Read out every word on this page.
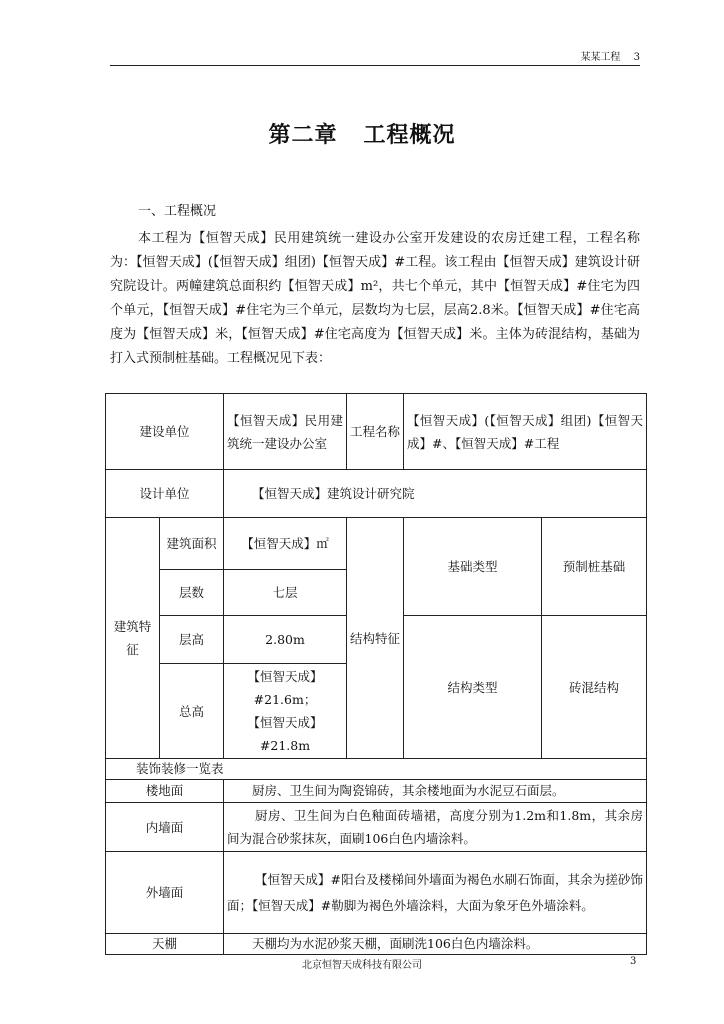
某某工程 3
第二章 工程概况
一、工程概况
本工程为【恒智天成】民用建筑统一建设办公室开发建设的农房迁建工程，工程名称为：【恒智天成】(【恒智天成】组团)【恒智天成】#工程。该工程由【恒智天成】建筑设计研究院设计。两幢建筑总面积约【恒智天成】m²，共七个单元，其中【恒智天成】#住宅为四个单元，【恒智天成】#住宅为三个单元，层数均为七层，层高2.8米。【恒智天成】#住宅高度为【恒智天成】米，【恒智天成】#住宅高度为【恒智天成】米。主体为砖混结构，基础为打入式预制桩基础。工程概况见下表：
建设单位		【恒智天成】民用建筑统一建设办公室	工程名称	【恒智天成】(【恒智天成】组团)【恒智天成】#、【恒智天成】#工程	
设计单位		【恒智天成】建筑设计研究院			
建筑特征	建筑面积	【恒智天成】㎡	结构特征	基础类型	预制桩基础
	层数	七层			
	层高	2.80m		结构类型	砖混结构
	总高	【恒智天成】#21.6m；
【恒智天成】#21.8m			

装饰装修一览表					
楼地面		厨房、卫生间为陶瓷锦砖，其余楼地面为水泥豆石面层。			
内墙面		厨房、卫生间为白色釉面砖墙裙，高度分别为1.2m和1.8m，其余房间为混合砂浆抹灰，面刷106白色内墙涂料。			
外墙面		【恒智天成】#阳台及楼梯间外墙面为褐色水刷石饰面，其余为搓砂饰面；【恒智天成】#勒脚为褐色外墙涂料，大面为象牙色外墙涂料。			
天棚		天棚均为水泥砂浆天棚，面刷洗106白色内墙涂料。			
北京恒智天成科技有限公司	3
